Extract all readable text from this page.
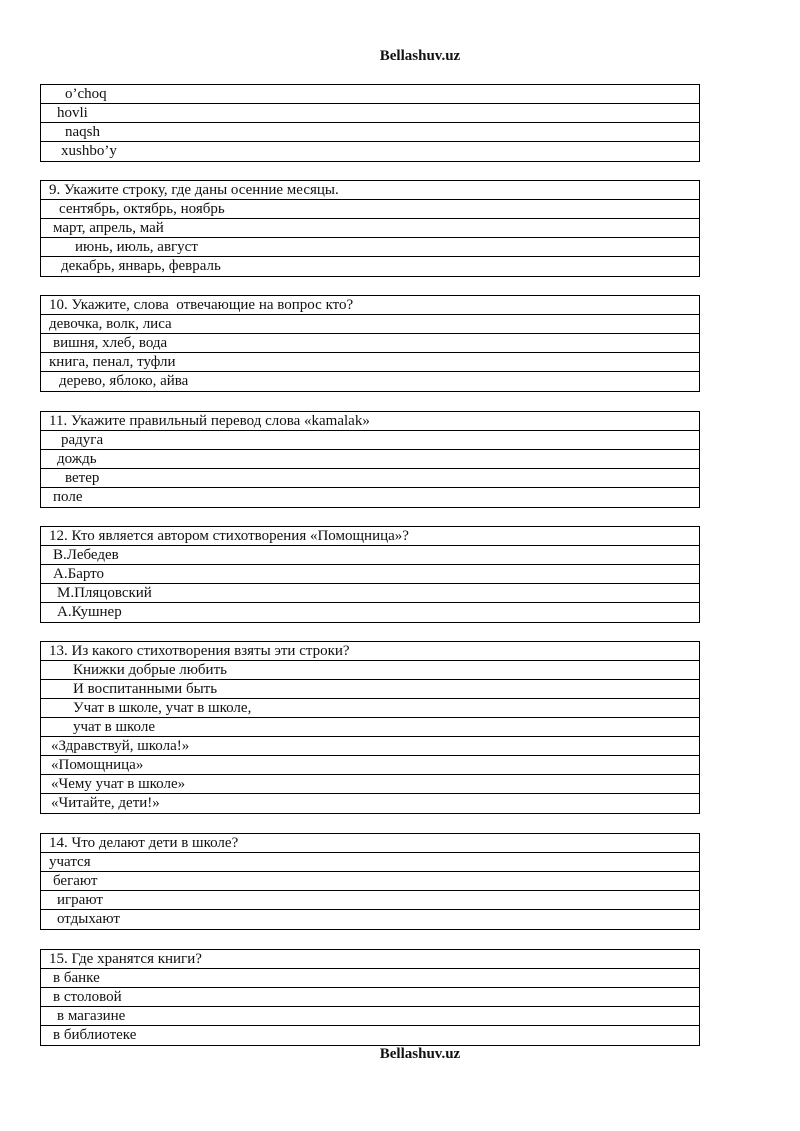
Bellashuv.uz
o’choq
hovli
naqsh
xushbo’y
9. Укажите строку, где даны осенние месяцы.
сентябрь, октябрь, ноябрь
март, апрель, май
июнь, июль, август
декабрь, январь, февраль
10. Укажите, слова  отвечающие на вопрос кто?
девочка, волк, лиса
вишня, хлеб, вода
книга, пенал, туфли
дерево, яблоко, айва
11. Укажите правильный перевод слова «kamalak»
радуга
дождь
ветер
поле
12. Кто является автором стихотворения «Помощница»?
В.Лебедев
А.Барто
М.Пляцовский
А.Кушнер
13. Из какого стихотворения взяты эти строки?
Книжки добрые любить
И воспитанными быть
Учат в школе, учат в школе,
учат в школе
«Здравствуй, школа!»
«Помощница»
«Чему учат в школе»
«Читайте, дети!»
14. Что делают дети в школе?
учатся
бегают
играют
отдыхают
15. Где хранятся книги?
в банке
в столовой
в магазине
в библиотеке
Bellashuv.uz
